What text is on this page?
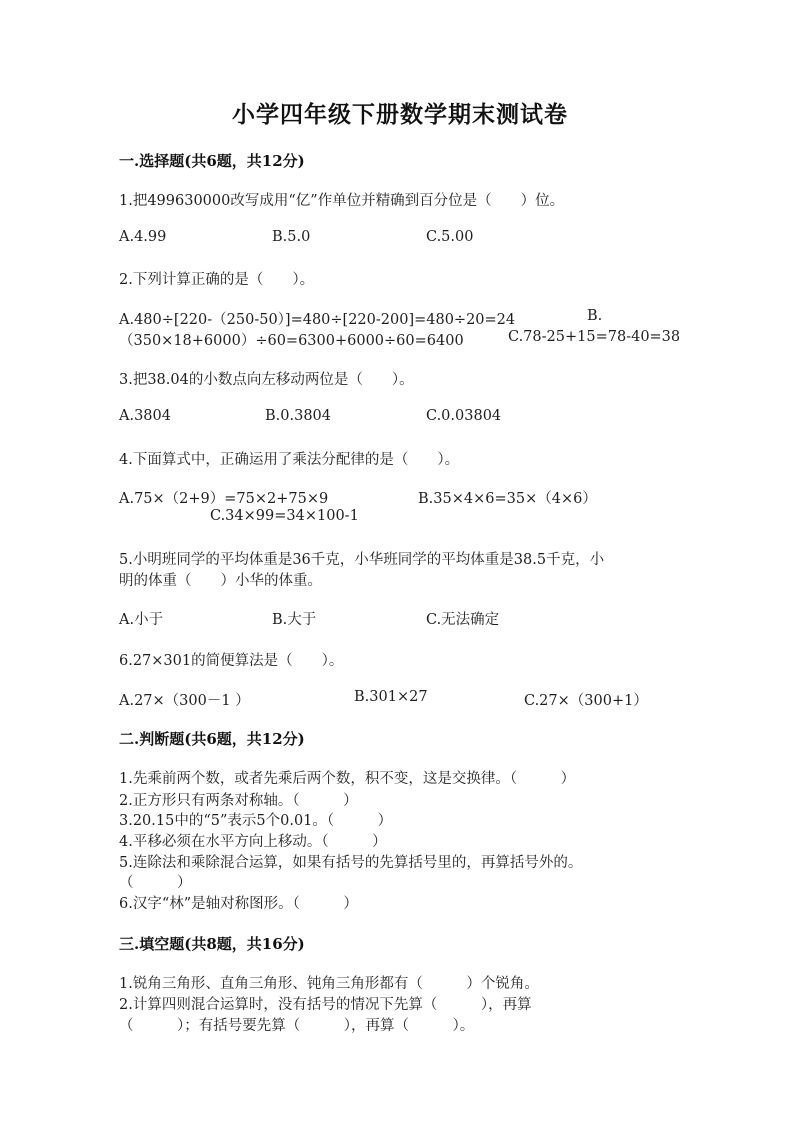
小学四年级下册数学期末测试卷
一.选择题(共6题，共12分)
1.把499630000改写成用“亿”作单位并精确到百分位是（　　）位。
A.4.99	B.5.0	C.5.00
2.下列计算正确的是（　　）。
A.480÷[220-（250-50）]=480÷[220-200]=480÷20=24	B.
（350×18+6000）÷60=6300+6000÷60=6400	C.78-25+15=78-40=38
3.把38.04的小数点向左移动两位是（　　）。
A.3804	B.0.3804	C.0.03804
4.下面算式中，正确运用了乘法分配律的是（　　）。
A.75×（2+9）=75×2+75×9	B.35×4×6=35×（4×6）
C.34×99=34×100-1
5.小明班同学的平均体重是36千克，小华班同学的平均体重是38.5千克，小
明的体重（　　）小华的体重。
A.小于	B.大于	C.无法确定
6.27×301的简便算法是（　　）。
A.27×（300－1 ）	B.301×27	C.27×（300+1）
二.判断题(共6题，共12分)
1.先乘前两个数，或者先乘后两个数，积不变，这是交换律。（　　　）
2.正方形只有两条对称轴。（　　　）
3.20.15中的“5”表示5个0.01。（　　　）
4.平移必须在水平方向上移动。（　　　）
5.连除法和乘除混合运算，如果有括号的先算括号里的，再算括号外的。
（　　　）
6.汉字“林”是轴对称图形。（　　　）
三.填空题(共8题，共16分)
1.锐角三角形、直角三角形、钝角三角形都有（　　　）个锐角。
2.计算四则混合运算时，没有括号的情况下先算（　　　），再算
（　　　）；有括号要先算（　　　），再算（　　　）。
